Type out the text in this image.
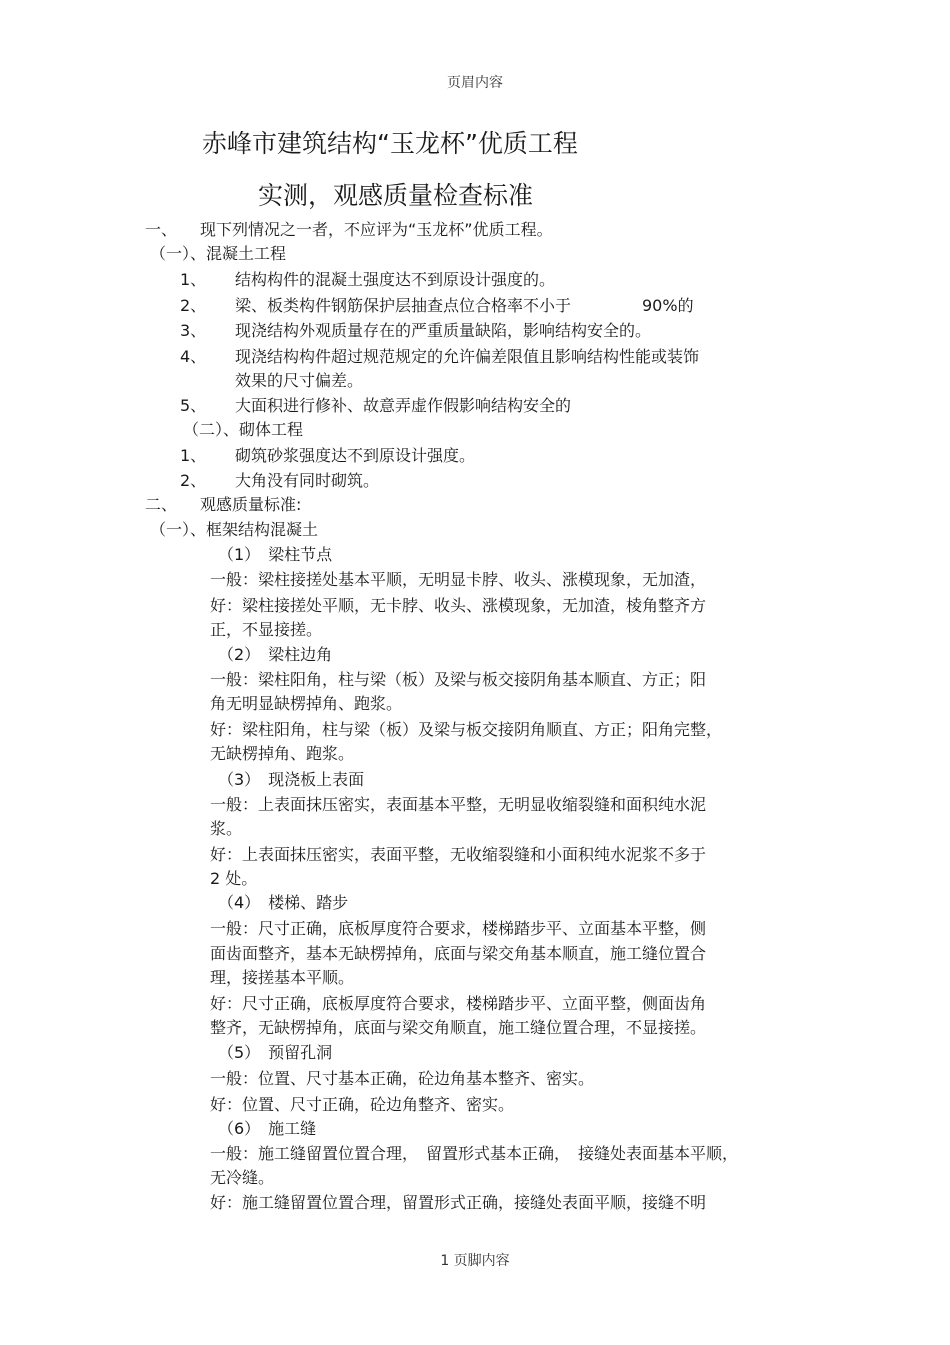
页眉内容
赤峰市建筑结构“玉龙杯”优质工程
实测，观感质量检查标准
一、 现下列情况之一者，不应评为“玉龙杯”优质工程。
（一）、混凝土工程
1、 结构构件的混凝土强度达不到原设计强度的。
2、 梁、板类构件钢筋保护层抽查点位合格率不小于	90%的
3、 现浇结构外观质量存在的严重质量缺陷，影响结构安全的。
4、 现浇结构构件超过规范规定的允许偏差限值且影响结构性能或装饰
效果的尺寸偏差。
5、 大面积进行修补、故意弄虚作假影响结构安全的
（二）、砌体工程
1、 砌筑砂浆强度达不到原设计强度。
2、 大角没有同时砌筑。
二、 观感质量标准:
（一）、框架结构混凝土
（1）　梁柱节点
一般：梁柱接搓处基本平顺，无明显卡脖、收头、涨模现象，无加渣，
好：梁柱接搓处平顺，无卡脖、收头、涨模现象，无加渣，棱角整齐方
正，不显接搓。
（2）　梁柱边角
一般：梁柱阳角，柱与梁（板）及梁与板交接阴角基本顺直、方正；阳
角无明显缺楞掉角、跑浆。
好：梁柱阳角，柱与梁（板）及梁与板交接阴角顺直、方正；阳角完整，
无缺楞掉角、跑浆。
（3）　现浇板上表面
一般：上表面抹压密实，表面基本平整，无明显收缩裂缝和面积纯水泥
浆。
好：上表面抹压密实，表面平整，无收缩裂缝和小面积纯水泥浆不多于
2 处。
（4）　楼梯、踏步
一般：尺寸正确，底板厚度符合要求，楼梯踏步平、立面基本平整，侧
面齿面整齐，基本无缺楞掉角，底面与梁交角基本顺直，施工缝位置合
理，接搓基本平顺。
好：尺寸正确，底板厚度符合要求，楼梯踏步平、立面平整，侧面齿角
整齐，无缺楞掉角，底面与梁交角顺直，施工缝位置合理，不显接搓。
（5）　预留孔洞
一般：位置、尺寸基本正确，砼边角基本整齐、密实。
好：位置、尺寸正确，砼边角整齐、密实。
（6）　施工缝
一般：施工缝留置位置合理，　留置形式基本正确，　接缝处表面基本平顺，
无冷缝。
好：施工缝留置位置合理，留置形式正确，接缝处表面平顺，接缝不明
1 页脚内容
